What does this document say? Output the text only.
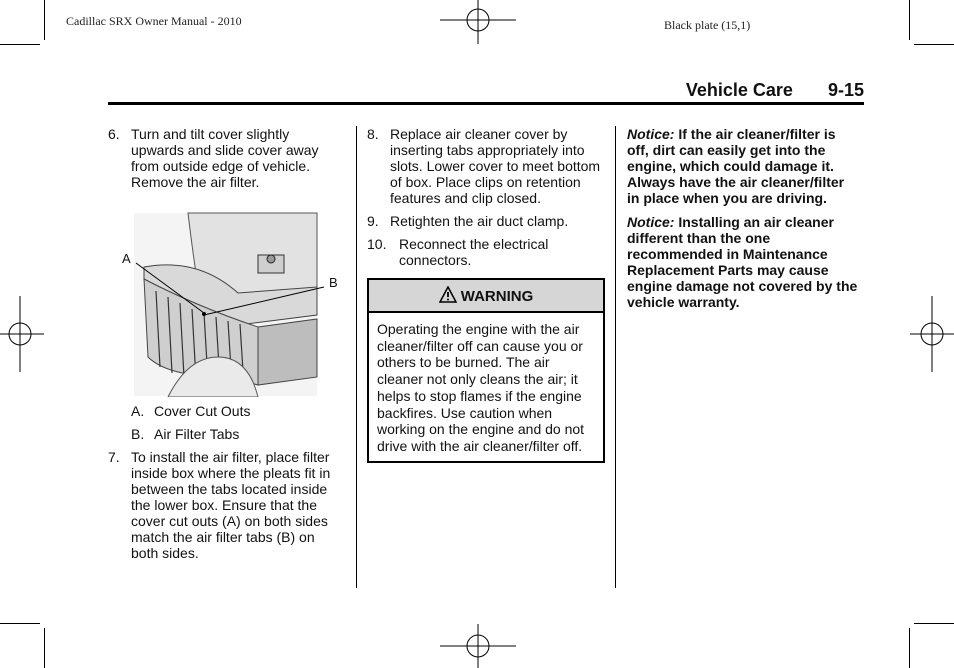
Cadillac SRX Owner Manual - 2010	Black plate (15,1)
Vehicle Care 9-15
6. Turn and tilt cover slightly upwards and slide cover away from outside edge of vehicle. Remove the air filter.
A
B
A. Cover Cut Outs
B. Air Filter Tabs
7. To install the air filter, place filter inside box where the pleats fit in between the tabs located inside the lower box. Ensure that the cover cut outs (A) on both sides match the air filter tabs (B) on both sides.
8. Replace air cleaner cover by inserting tabs appropriately into slots. Lower cover to meet bottom of box. Place clips on retention features and clip closed.
9. Retighten the air duct clamp.
10. Reconnect the electrical connectors.
WARNING
Operating the engine with the air cleaner/filter off can cause you or others to be burned. The air cleaner not only cleans the air; it helps to stop flames if the engine backfires. Use caution when working on the engine and do not drive with the air cleaner/filter off.
Notice: If the air cleaner/filter is off, dirt can easily get into the engine, which could damage it. Always have the air cleaner/filter in place when you are driving.
Notice: Installing an air cleaner different than the one recommended in Maintenance Replacement Parts may cause engine damage not covered by the vehicle warranty.
